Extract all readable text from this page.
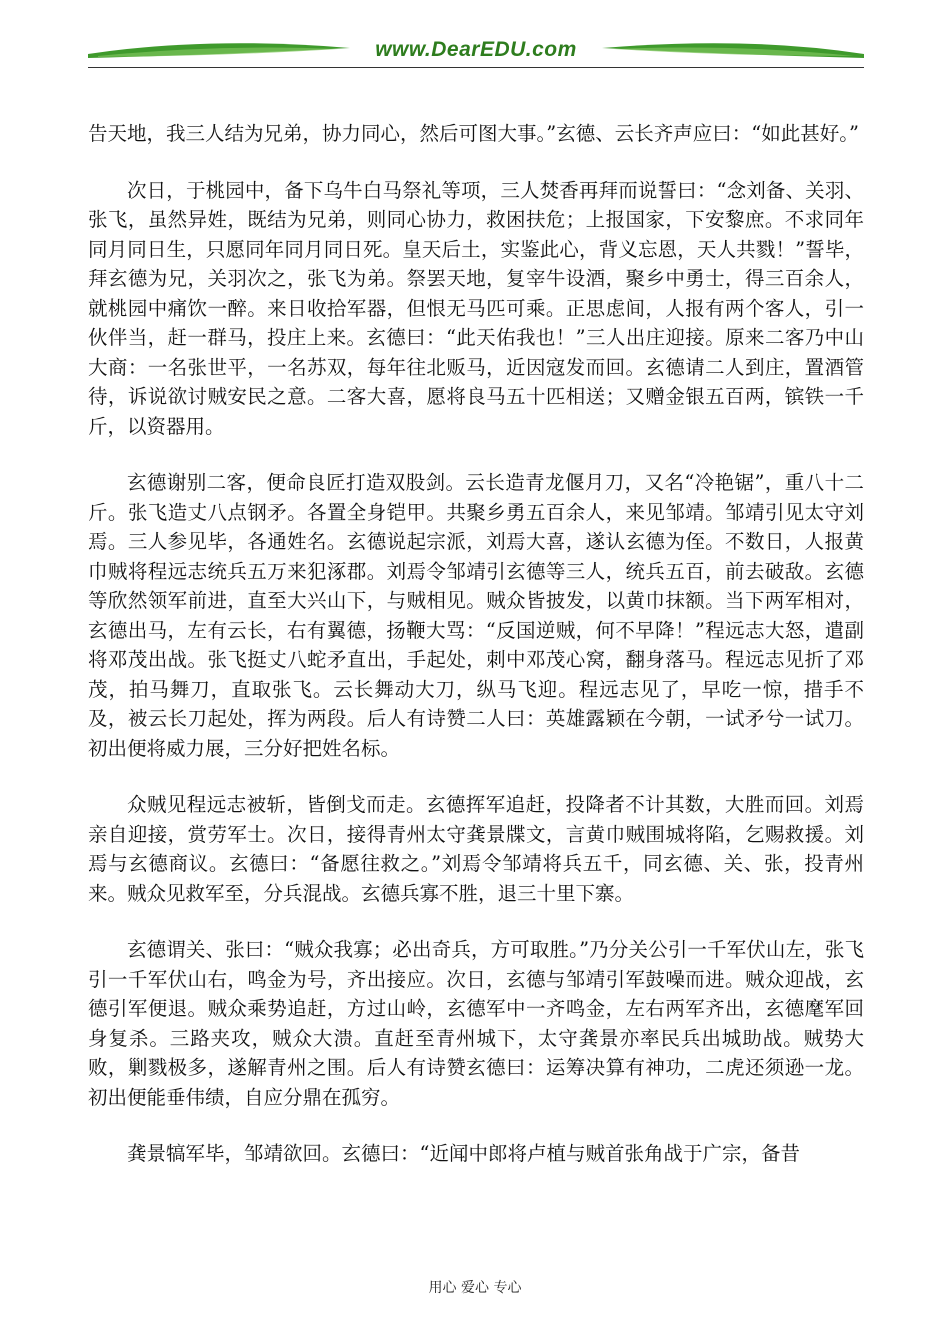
www.DearEDU.com

告天地，我三人结为兄弟，协力同心，然后可图大事。”玄德、云长齐声应曰：“如此甚好。”

次日，于桃园中，备下乌牛白马祭礼等项，三人焚香再拜而说誓曰：“念刘备、关羽、张飞，虽然异姓，既结为兄弟，则同心协力，救困扶危；上报国家，下安黎庶。不求同年同月同日生，只愿同年同月同日死。皇天后土，实鉴此心，背义忘恩，天人共戮！”誓毕，拜玄德为兄，关羽次之，张飞为弟。祭罢天地，复宰牛设酒，聚乡中勇士，得三百余人，就桃园中痛饮一醉。来日收拾军器，但恨无马匹可乘。正思虑间，人报有两个客人，引一伙伴当，赶一群马，投庄上来。玄德曰：“此天佑我也！”三人出庄迎接。原来二客乃中山大商：一名张世平，一名苏双，每年往北贩马，近因寇发而回。玄德请二人到庄，置酒管待，诉说欲讨贼安民之意。二客大喜，愿将良马五十匹相送；又赠金银五百两，镔铁一千斤，以资器用。

玄德谢别二客，便命良匠打造双股剑。云长造青龙偃月刀，又名“冷艳锯”，重八十二斤。张飞造丈八点钢矛。各置全身铠甲。共聚乡勇五百余人，来见邹靖。邹靖引见太守刘焉。三人参见毕，各通姓名。玄德说起宗派，刘焉大喜，遂认玄德为侄。不数日，人报黄巾贼将程远志统兵五万来犯涿郡。刘焉令邹靖引玄德等三人，统兵五百，前去破敌。玄德等欣然领军前进，直至大兴山下，与贼相见。贼众皆披发，以黄巾抹额。当下两军相对，玄德出马，左有云长，右有翼德，扬鞭大骂：“反国逆贼，何不早降！”程远志大怒，遣副将邓茂出战。张飞挺丈八蛇矛直出，手起处，刺中邓茂心窝，翻身落马。程远志见折了邓茂，拍马舞刀，直取张飞。云长舞动大刀，纵马飞迎。程远志见了，早吃一惊，措手不及，被云长刀起处，挥为两段。后人有诗赞二人曰：英雄露颖在今朝，一试矛兮一试刀。初出便将威力展，三分好把姓名标。

众贼见程远志被斩，皆倒戈而走。玄德挥军追赶，投降者不计其数，大胜而回。刘焉亲自迎接，赏劳军士。次日，接得青州太守龚景牒文，言黄巾贼围城将陷，乞赐救援。刘焉与玄德商议。玄德曰：“备愿往救之。”刘焉令邹靖将兵五千，同玄德、关、张，投青州来。贼众见救军至，分兵混战。玄德兵寡不胜，退三十里下寨。

玄德谓关、张曰：“贼众我寡；必出奇兵，方可取胜。”乃分关公引一千军伏山左，张飞引一千军伏山右，鸣金为号，齐出接应。次日，玄德与邹靖引军鼓噪而进。贼众迎战，玄德引军便退。贼众乘势追赶，方过山岭，玄德军中一齐鸣金，左右两军齐出，玄德麾军回身复杀。三路夹攻，贼众大溃。直赶至青州城下，太守龚景亦率民兵出城助战。贼势大败，剿戮极多，遂解青州之围。后人有诗赞玄德曰：运筹决算有神功，二虎还须逊一龙。初出便能垂伟绩，自应分鼎在孤穷。

龚景犒军毕，邹靖欲回。玄德曰：“近闻中郎将卢植与贼首张角战于广宗，备昔

用心 爱心 专心
